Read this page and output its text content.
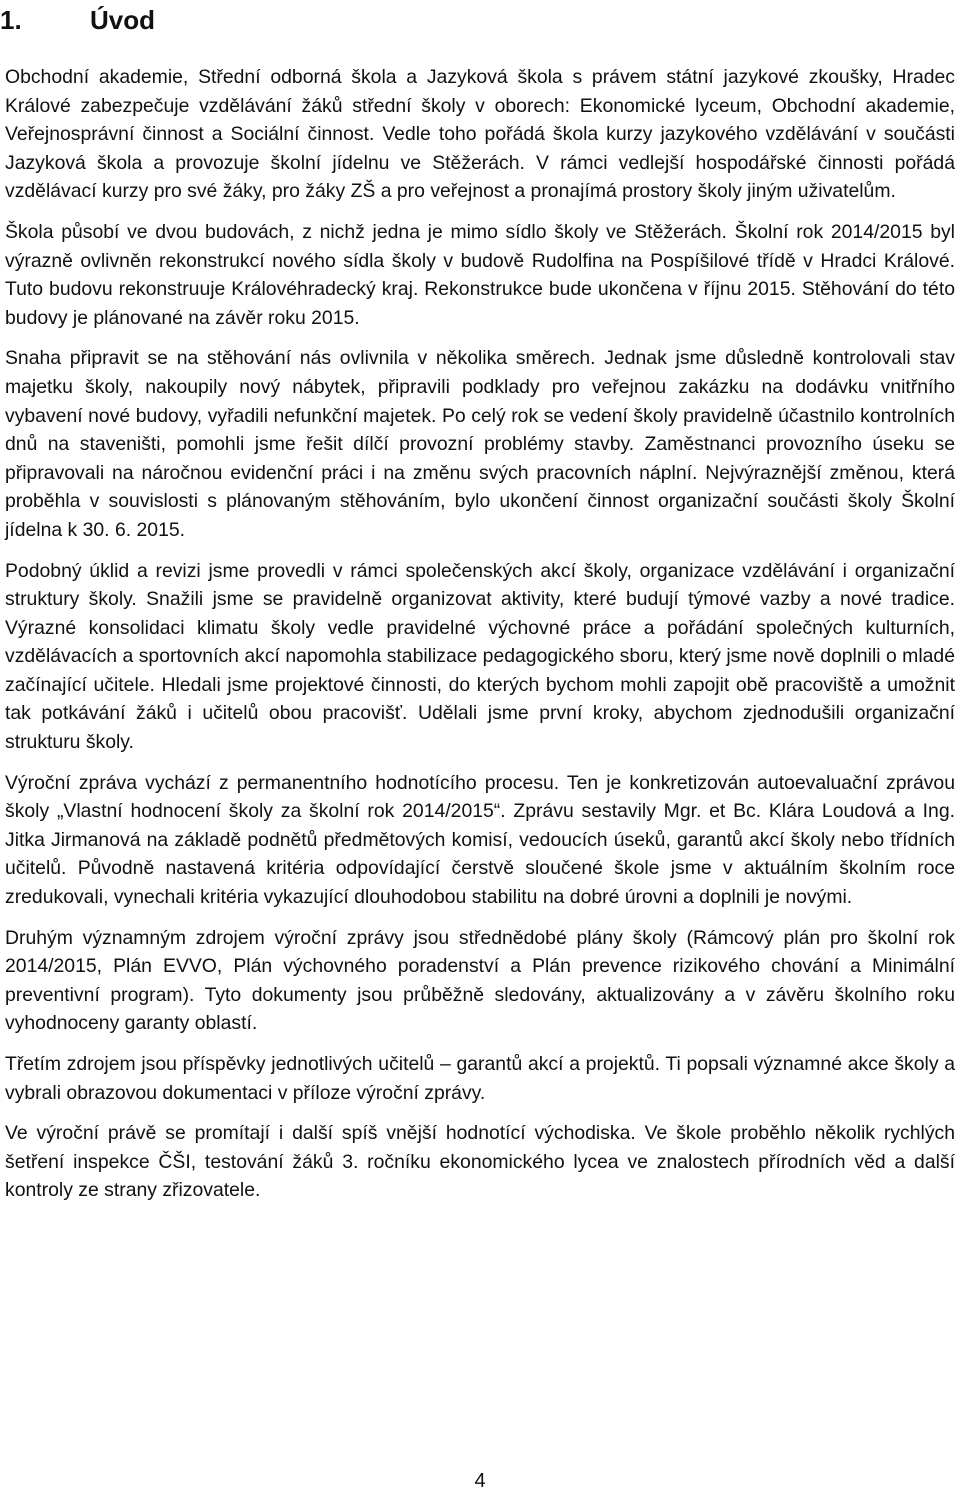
1.	Úvod

Obchodní akademie, Střední odborná škola a Jazyková škola s právem státní jazykové zkoušky, Hradec Králové zabezpečuje vzdělávání žáků střední školy v oborech: Ekonomické lyceum, Obchodní akademie, Veřejnosprávní činnost a Sociální činnost. Vedle toho pořádá škola kurzy jazykového vzdělávání v součásti Jazyková škola a provozuje školní jídelnu ve Stěžerách. V rámci vedlejší hospodářské činnosti pořádá vzdělávací kurzy pro své žáky, pro žáky ZŠ a pro veřejnost a pronajímá prostory školy jiným uživatelům.

Škola působí ve dvou budovách, z nichž jedna je mimo sídlo školy ve Stěžerách. Školní rok 2014/2015 byl výrazně ovlivněn rekonstrukcí nového sídla školy v budově Rudolfina na Pospíšilové třídě v Hradci Králové. Tuto budovu rekonstruuje Královéhradecký kraj. Rekonstrukce bude ukončena v říjnu 2015. Stěhování do této budovy je plánované na závěr roku 2015.

Snaha připravit se na stěhování nás ovlivnila v několika směrech. Jednak jsme důsledně kontrolovali stav majetku školy, nakoupily nový nábytek, připravili podklady pro veřejnou zakázku na dodávku vnitřního vybavení nové budovy, vyřadili nefunkční majetek. Po celý rok se vedení školy pravidelně účastnilo kontrolních dnů na staveništi, pomohli jsme řešit dílčí provozní problémy stavby. Zaměstnanci provozního úseku se připravovali na náročnou evidenční práci i na změnu svých pracovních náplní. Nejvýraznější změnou, která proběhla v souvislosti s plánovaným stěhováním, bylo ukončení činnost organizační součásti školy Školní jídelna k 30. 6. 2015.

Podobný úklid a revizi jsme provedli v rámci společenských akcí školy, organizace vzdělávání i organizační struktury školy. Snažili jsme se pravidelně organizovat aktivity, které budují týmové vazby a nové tradice. Výrazné konsolidaci klimatu školy vedle pravidelné výchovné práce a pořádání společných kulturních, vzdělávacích a sportovních akcí napomohla stabilizace pedagogického sboru, který jsme nově doplnili o mladé začínající učitele. Hledali jsme projektové činnosti, do kterých bychom mohli zapojit obě pracoviště a umožnit tak potkávání žáků i učitelů obou pracovišť. Udělali jsme první kroky, abychom zjednodušili organizační strukturu školy.

Výroční zpráva vychází z permanentního hodnotícího procesu. Ten je konkretizován autoevaluační zprávou školy „Vlastní hodnocení školy za školní rok 2014/2015“. Zprávu sestavily Mgr. et Bc. Klára Loudová a Ing. Jitka Jirmanová na základě podnětů předmětových komisí, vedoucích úseků, garantů akcí školy nebo třídních učitelů. Původně nastavená kritéria odpovídající čerstvě sloučené škole jsme v aktuálním školním roce zredukovali, vynechali kritéria vykazující dlouhodobou stabilitu na dobré úrovni a doplnili je novými.

Druhým významným zdrojem výroční zprávy jsou střednědobé plány školy (Rámcový plán pro školní rok 2014/2015, Plán EVVO, Plán výchovného poradenství a Plán prevence rizikového chování a Minimální preventivní program). Tyto dokumenty jsou průběžně sledovány, aktualizovány a v závěru školního roku vyhodnoceny garanty oblastí.

Třetím zdrojem jsou příspěvky jednotlivých učitelů – garantů akcí a projektů. Ti popsali významné akce školy a vybrali obrazovou dokumentaci v příloze výroční zprávy.

Ve výroční právě se promítají i další spíš vnější hodnotící východiska. Ve škole proběhlo několik rychlých šetření inspekce ČŠI, testování žáků 3. ročníku ekonomického lycea ve znalostech přírodních věd a další kontroly ze strany zřizovatele.

4
